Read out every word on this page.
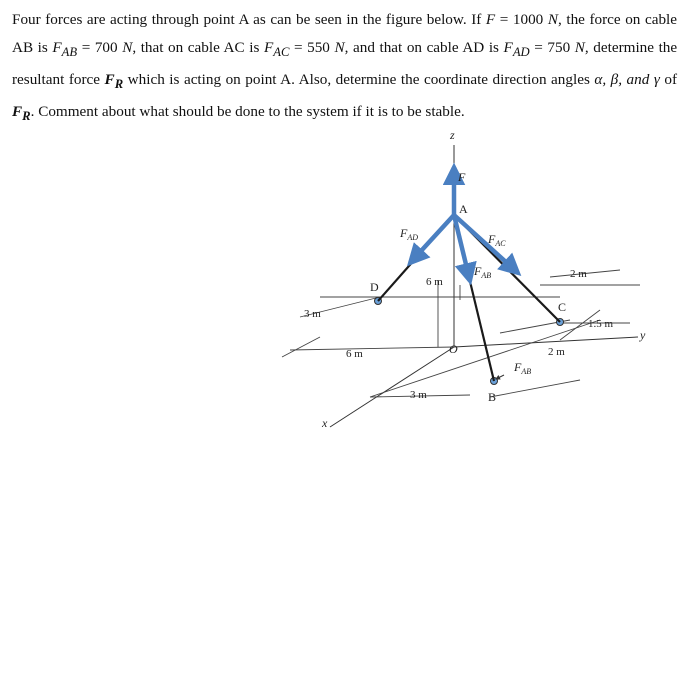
Four forces are acting through point A as can be seen in the figure below. If F = 1000 N, the force on cable AB is $F_{AB} = 700$ N, that on cable AC is $F_{AC} = 550$ N, and that on cable AD is $F_{AD} = 750$ N, determine the resultant force $F_R$ which is acting on point A. Also, determine the coordinate direction angles α, β, and γ of $F_R$. Comment about what should be done to the system if it is to be stable.
z
x
y
A
D
C
B
O
F
$F_{AD}$	$F_{AC}$
$F_{AB}$
$F_{AB}$
6 m
3 m
6 m
3 m
2 m
1.5 m
2 m
